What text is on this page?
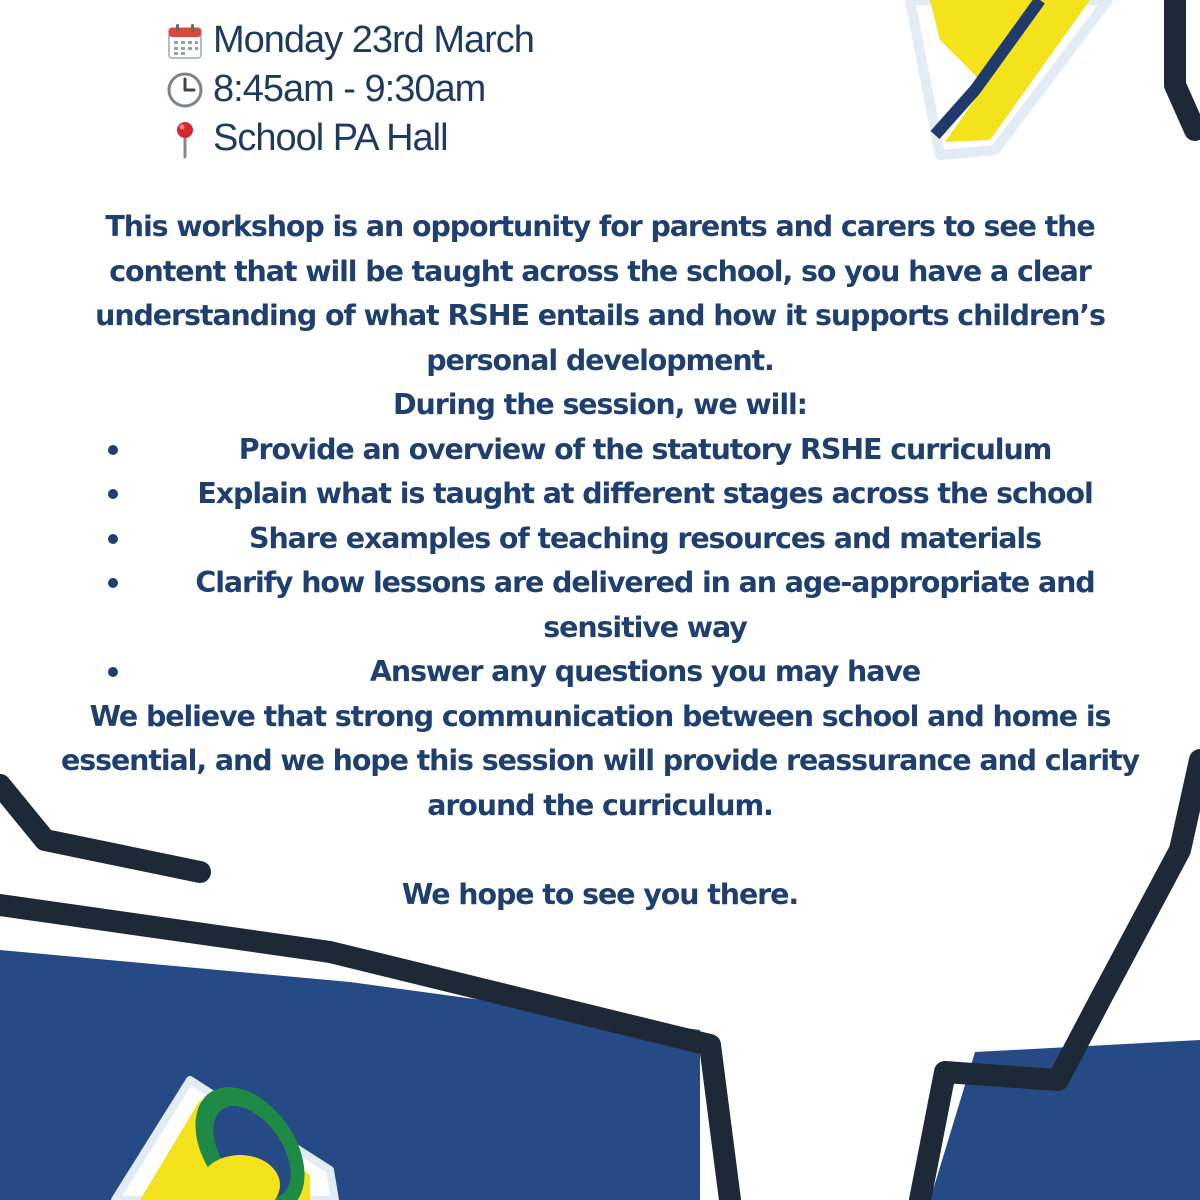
Monday 23rd March
8:45am - 9:30am
School PA Hall

This workshop is an opportunity for parents and carers to see the content that will be taught across the school, so you have a clear understanding of what RSHE entails and how it supports children’s personal development.

During the session, we will:

Provide an overview of the statutory RSHE curriculum
Explain what is taught at different stages across the school
Share examples of teaching resources and materials
Clarify how lessons are delivered in an age-appropriate and sensitive way
Answer any questions you may have

We believe that strong communication between school and home is essential, and we hope this session will provide reassurance and clarity around the curriculum.

We hope to see you there.
